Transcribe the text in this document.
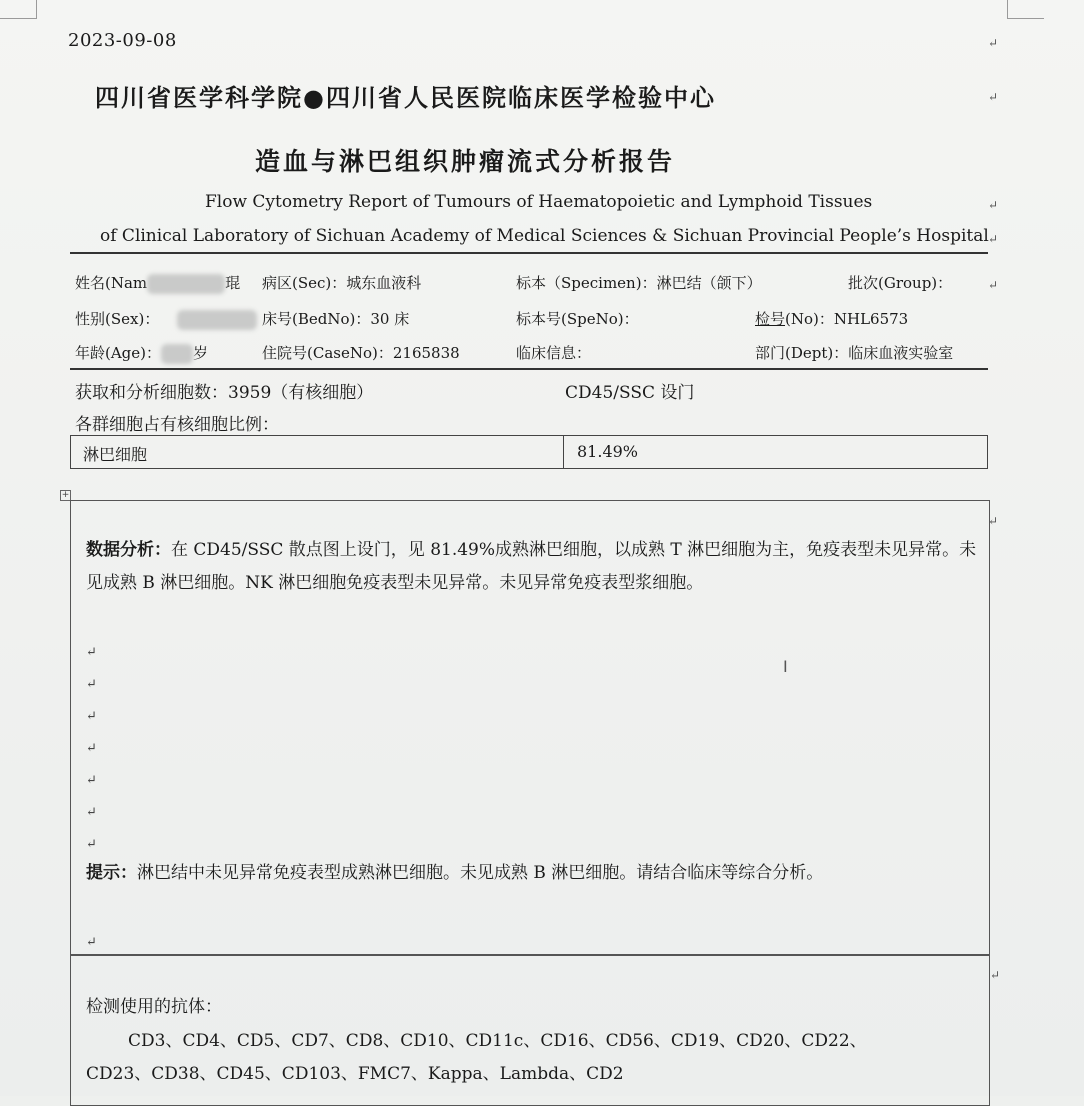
2023-09-08
四川省医学科学院●四川省人民医院临床医学检验中心
造血与淋巴组织肿瘤流式分析报告
Flow Cytometry Report of Tumours of Haematopoietic and Lymphoid Tissues
of Clinical Laboratory of Sichuan Academy of Medical Sciences & Sichuan Provincial People’s Hospital
姓名(Nam	琨 病区(Sec)：城东血液科	标本（Specimen)：淋巴结（颌下）	批次(Group)：
性别(Sex)：	床号(BedNo)：30 床	标本号(SpeNo)：	检号(No)：NHL6573
年龄(Age)： 岁	住院号(CaseNo)：2165838	临床信息：	部门(Dept)：临床血液实验室
获取和分析细胞数：3959（有核细胞）	CD45/SSC 设门
各群细胞占有核细胞比例：
淋巴细胞	81.49%
+
数据分析：在 CD45/SSC 散点图上设门，见 81.49%成熟淋巴细胞，以成熟 T 淋巴细胞为主，免疫表型未见异常。未见成熟 B 淋巴细胞。NK 淋巴细胞免疫表型未见异常。未见异常免疫表型浆细胞。
↵
↵
↵
↵
↵
↵
↵
I
提示：淋巴结中未见异常免疫表型成熟淋巴细胞。未见成熟 B 淋巴细胞。请结合临床等综合分析。
↵
检测使用的抗体：
CD3、CD4、CD5、CD7、CD8、CD10、CD11c、CD16、CD56、CD19、CD20、CD22、
CD23、CD38、CD45、CD103、FMC7、Kappa、Lambda、CD2
↵
↵
↵
↵
↵
↵
↵
